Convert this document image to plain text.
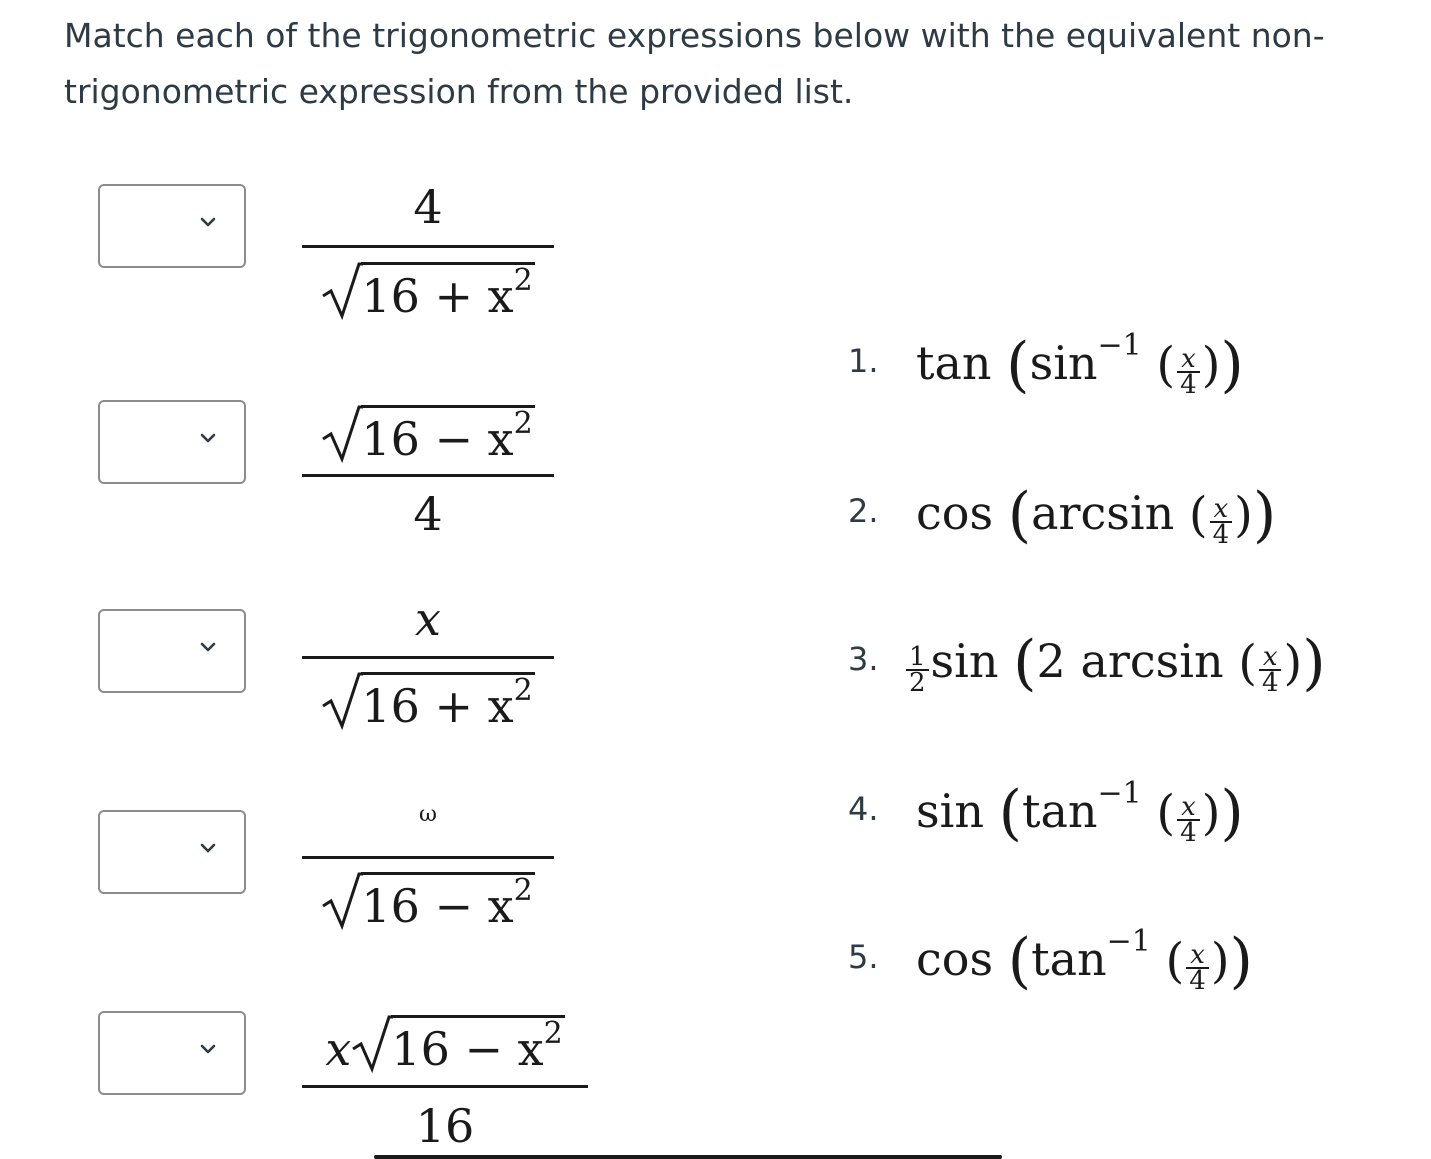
Match each of the trigonometric expressions below with the equivalent non-trigonometric expression from the provided list.
4
$16 + x^2$
$16 - x^2$
4
x
$16 + x^2$
ω
$16 - x^2$
x $16 - x^2$
16
1. $\tan (\sin^{-1}$ ( $\frac{x}{4}$ ))
2. cos (arcsin ( $\frac{x}{4}$ ))
3. $\frac{1}{2}$ sin (2 arcsin ( $\frac{x}{4}$ ))
4. $\sin (\tan^{-1}$ ( $\frac{x}{4}$ ))
5. $\cos (\tan^{-1}$ ( $\frac{x}{4}$ ))
